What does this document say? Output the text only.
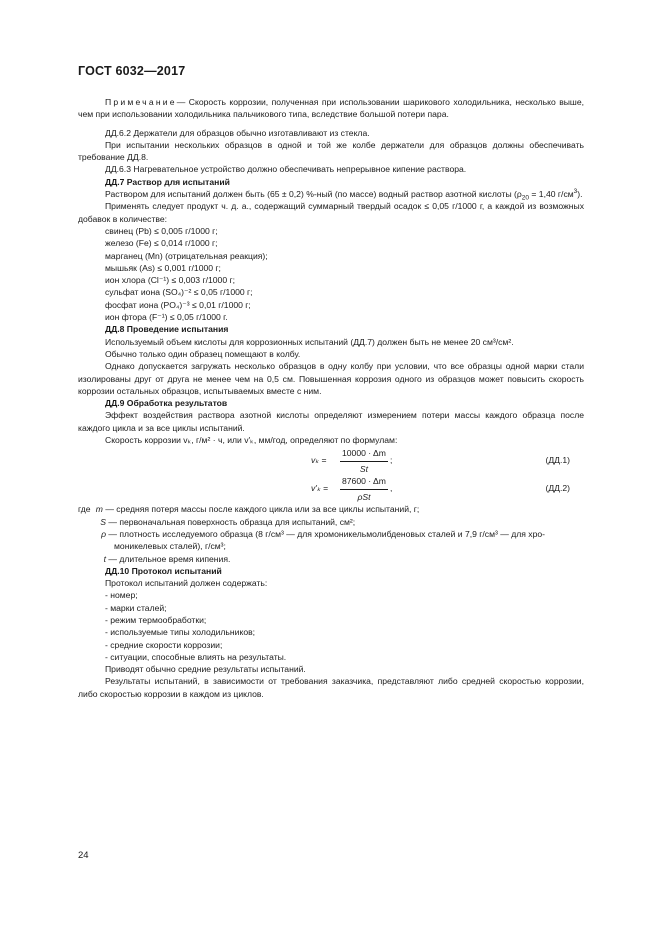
ГОСТ 6032—2017

Примечание— Скорость коррозии, полученная при использовании шарикового холодильника, несколько выше, чем при использовании холодильника пальчикового типа, вследствие большой потери пара.

ДД.6.2 Держатели для образцов обычно изготавливают из стекла.

При испытании нескольких образцов в одной и той же колбе держатели для образцов должны обеспечивать требование ДД.8.

ДД.6.3 Нагревательное устройство должно обеспечивать непрерывное кипение раствора.

ДД.7 Раствор для испытаний

Раствором для испытаний должен быть (65 ± 0,2) %-ный (по массе) водный раствор азотной кислоты ($\rho_{20} = 1,40$ $г/см^3$).

Применять следует продукт ч. д. а., содержащий суммарный твердый осадок ≤ 0,05 г/1000 г, а каждой из возможных добавок в количестве:

свинец (Pb) ≤ 0,005 г/1000 г;

железо (Fe) ≤ 0,014 г/1000 г;

марганец (Mn) (отрицательная реакция);

мышьяк (As) ≤ 0,001 г/1000 г;

ион хлора (Cl⁻¹) ≤ 0,003 г/1000 г;

сульфат иона (SO₄)⁻² ≤ 0,05 г/1000 г;

фосфат иона (PO₄)⁻³ ≤ 0,01 г/1000 г;

ион фтора (F⁻¹) ≤ 0,05 г/1000 г.

ДД.8 Проведение испытания

Используемый объем кислоты для коррозионных испытаний (ДД.7) должен быть не менее 20 см³/см².

Обычно только один образец помещают в колбу.

Однако допускается загружать несколько образцов в одну колбу при условии, что все образцы одной марки стали изолированы друг от друга не менее чем на 0,5 см. Повышенная коррозия одного из образцов может повысить скорость коррозии остальных образцов, испытываемых вместе с ним.

ДД.9 Обработка результатов

Эффект воздействия раствора азотной кислоты определяют измерением потери массы каждого образца после каждого цикла и за все циклы испытаний.

Скорость коррозии vₖ, г/м² · ч, или v'ₖ, мм/год, определяют по формулам:

$v_k = \frac{10000 \cdot \Delta m}{St}$ ;	(ДД.1)
v'ₖ =
87600 · Δm
ρSt
,	(ДД.2)

где m — средняя потеря массы после каждого цикла или за все циклы испытаний, г;

S — первоначальная поверхность образца для испытаний, см²;

ρ — плотность исследуемого образца (8 г/см³ — для хромоникельмолибденовых сталей и 7,9 г/см³ — для хро-

моникелевых сталей), г/см³;

t — длительное время кипения.

ДД.10 Протокол испытаний

Протокол испытаний должен содержать:

- номер;

- марки сталей;

- режим термообработки;

- используемые типы холодильников;

- средние скорости коррозии;

- ситуации, способные влиять на результаты.

Приводят обычно средние результаты испытаний.

Результаты испытаний, в зависимости от требования заказчика, представляют либо средней скоростью коррозии, либо скоростью коррозии в каждом из циклов.

24
